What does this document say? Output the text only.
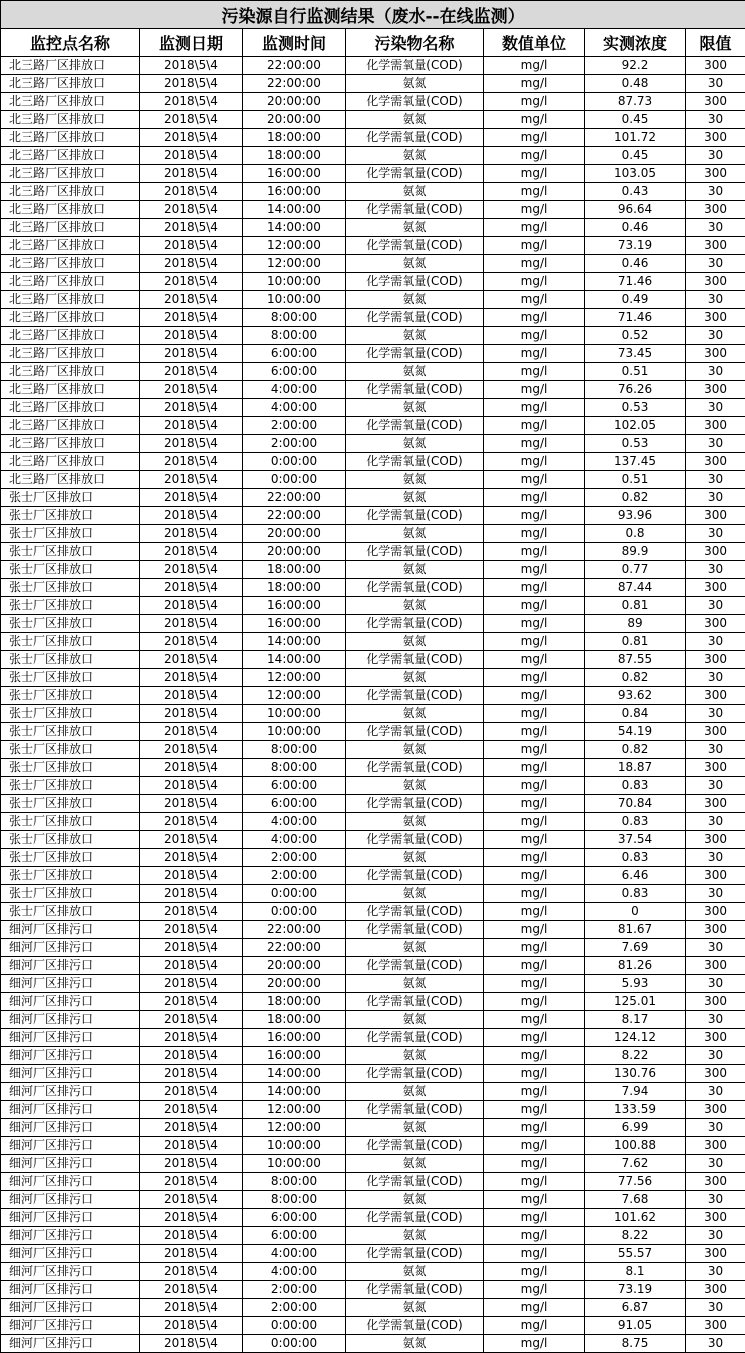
污染源自行监测结果（废水--在线监测）						
监控点名称	监测日期	监测时间	污染物名称	数值单位	实测浓度	限值
北三路厂区排放口	2018\5\4	22:00:00	化学需氧量(COD)	mg/l	92.2	300
北三路厂区排放口	2018\5\4	22:00:00	氨氮	mg/l	0.48	30
北三路厂区排放口	2018\5\4	20:00:00	化学需氧量(COD)	mg/l	87.73	300
北三路厂区排放口	2018\5\4	20:00:00	氨氮	mg/l	0.45	30
北三路厂区排放口	2018\5\4	18:00:00	化学需氧量(COD)	mg/l	101.72	300
北三路厂区排放口	2018\5\4	18:00:00	氨氮	mg/l	0.45	30
北三路厂区排放口	2018\5\4	16:00:00	化学需氧量(COD)	mg/l	103.05	300
北三路厂区排放口	2018\5\4	16:00:00	氨氮	mg/l	0.43	30
北三路厂区排放口	2018\5\4	14:00:00	化学需氧量(COD)	mg/l	96.64	300
北三路厂区排放口	2018\5\4	14:00:00	氨氮	mg/l	0.46	30
北三路厂区排放口	2018\5\4	12:00:00	化学需氧量(COD)	mg/l	73.19	300
北三路厂区排放口	2018\5\4	12:00:00	氨氮	mg/l	0.46	30
北三路厂区排放口	2018\5\4	10:00:00	化学需氧量(COD)	mg/l	71.46	300
北三路厂区排放口	2018\5\4	10:00:00	氨氮	mg/l	0.49	30
北三路厂区排放口	2018\5\4	8:00:00	化学需氧量(COD)	mg/l	71.46	300
北三路厂区排放口	2018\5\4	8:00:00	氨氮	mg/l	0.52	30
北三路厂区排放口	2018\5\4	6:00:00	化学需氧量(COD)	mg/l	73.45	300
北三路厂区排放口	2018\5\4	6:00:00	氨氮	mg/l	0.51	30
北三路厂区排放口	2018\5\4	4:00:00	化学需氧量(COD)	mg/l	76.26	300
北三路厂区排放口	2018\5\4	4:00:00	氨氮	mg/l	0.53	30
北三路厂区排放口	2018\5\4	2:00:00	化学需氧量(COD)	mg/l	102.05	300
北三路厂区排放口	2018\5\4	2:00:00	氨氮	mg/l	0.53	30
北三路厂区排放口	2018\5\4	0:00:00	化学需氧量(COD)	mg/l	137.45	300
北三路厂区排放口	2018\5\4	0:00:00	氨氮	mg/l	0.51	30
张士厂区排放口	2018\5\4	22:00:00	氨氮	mg/l	0.82	30
张士厂区排放口	2018\5\4	22:00:00	化学需氧量(COD)	mg/l	93.96	300
张士厂区排放口	2018\5\4	20:00:00	氨氮	mg/l	0.8	30
张士厂区排放口	2018\5\4	20:00:00	化学需氧量(COD)	mg/l	89.9	300
张士厂区排放口	2018\5\4	18:00:00	氨氮	mg/l	0.77	30
张士厂区排放口	2018\5\4	18:00:00	化学需氧量(COD)	mg/l	87.44	300
张士厂区排放口	2018\5\4	16:00:00	氨氮	mg/l	0.81	30
张士厂区排放口	2018\5\4	16:00:00	化学需氧量(COD)	mg/l	89	300
张士厂区排放口	2018\5\4	14:00:00	氨氮	mg/l	0.81	30
张士厂区排放口	2018\5\4	14:00:00	化学需氧量(COD)	mg/l	87.55	300
张士厂区排放口	2018\5\4	12:00:00	氨氮	mg/l	0.82	30
张士厂区排放口	2018\5\4	12:00:00	化学需氧量(COD)	mg/l	93.62	300
张士厂区排放口	2018\5\4	10:00:00	氨氮	mg/l	0.84	30
张士厂区排放口	2018\5\4	10:00:00	化学需氧量(COD)	mg/l	54.19	300
张士厂区排放口	2018\5\4	8:00:00	氨氮	mg/l	0.82	30
张士厂区排放口	2018\5\4	8:00:00	化学需氧量(COD)	mg/l	18.87	300
张士厂区排放口	2018\5\4	6:00:00	氨氮	mg/l	0.83	30
张士厂区排放口	2018\5\4	6:00:00	化学需氧量(COD)	mg/l	70.84	300
张士厂区排放口	2018\5\4	4:00:00	氨氮	mg/l	0.83	30
张士厂区排放口	2018\5\4	4:00:00	化学需氧量(COD)	mg/l	37.54	300
张士厂区排放口	2018\5\4	2:00:00	氨氮	mg/l	0.83	30
张士厂区排放口	2018\5\4	2:00:00	化学需氧量(COD)	mg/l	6.46	300
张士厂区排放口	2018\5\4	0:00:00	氨氮	mg/l	0.83	30
张士厂区排放口	2018\5\4	0:00:00	化学需氧量(COD)	mg/l	0	300
细河厂区排污口	2018\5\4	22:00:00	化学需氧量(COD)	mg/l	81.67	300
细河厂区排污口	2018\5\4	22:00:00	氨氮	mg/l	7.69	30
细河厂区排污口	2018\5\4	20:00:00	化学需氧量(COD)	mg/l	81.26	300
细河厂区排污口	2018\5\4	20:00:00	氨氮	mg/l	5.93	30
细河厂区排污口	2018\5\4	18:00:00	化学需氧量(COD)	mg/l	125.01	300
细河厂区排污口	2018\5\4	18:00:00	氨氮	mg/l	8.17	30
细河厂区排污口	2018\5\4	16:00:00	化学需氧量(COD)	mg/l	124.12	300
细河厂区排污口	2018\5\4	16:00:00	氨氮	mg/l	8.22	30
细河厂区排污口	2018\5\4	14:00:00	化学需氧量(COD)	mg/l	130.76	300
细河厂区排污口	2018\5\4	14:00:00	氨氮	mg/l	7.94	30
细河厂区排污口	2018\5\4	12:00:00	化学需氧量(COD)	mg/l	133.59	300
细河厂区排污口	2018\5\4	12:00:00	氨氮	mg/l	6.99	30
细河厂区排污口	2018\5\4	10:00:00	化学需氧量(COD)	mg/l	100.88	300
细河厂区排污口	2018\5\4	10:00:00	氨氮	mg/l	7.62	30
细河厂区排污口	2018\5\4	8:00:00	化学需氧量(COD)	mg/l	77.56	300
细河厂区排污口	2018\5\4	8:00:00	氨氮	mg/l	7.68	30
细河厂区排污口	2018\5\4	6:00:00	化学需氧量(COD)	mg/l	101.62	300
细河厂区排污口	2018\5\4	6:00:00	氨氮	mg/l	8.22	30
细河厂区排污口	2018\5\4	4:00:00	化学需氧量(COD)	mg/l	55.57	300
细河厂区排污口	2018\5\4	4:00:00	氨氮	mg/l	8.1	30
细河厂区排污口	2018\5\4	2:00:00	化学需氧量(COD)	mg/l	73.19	300
细河厂区排污口	2018\5\4	2:00:00	氨氮	mg/l	6.87	30
细河厂区排污口	2018\5\4	0:00:00	化学需氧量(COD)	mg/l	91.05	300
细河厂区排污口	2018\5\4	0:00:00	氨氮	mg/l	8.75	30
